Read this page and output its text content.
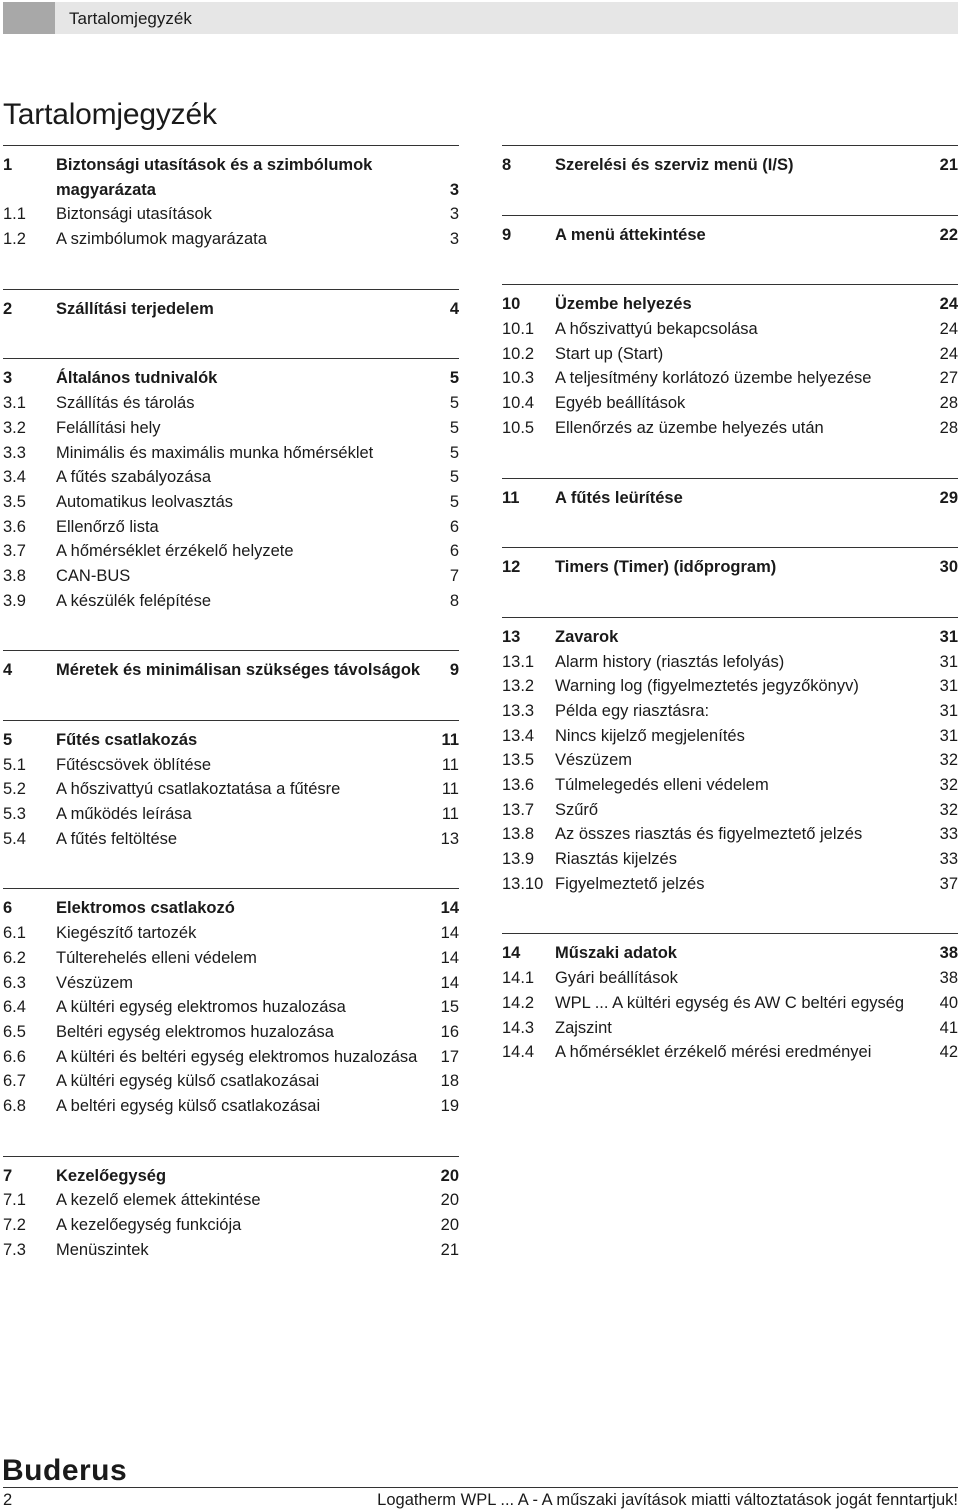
Tartalomjegyzék
Tartalomjegyzék
1	Biztonsági utasítások és a szimbólumok
magyarázata	3
1.1	Biztonsági utasítások	3
1.2	A szimbólumok magyarázata	3
2	Szállítási terjedelem	4
3	Általános tudnivalók	5
3.1	Szállítás és tárolás	5
3.2	Felállítási hely	5
3.3	Minimális és maximális munka hőmérséklet	5
3.4	A fűtés szabályozása	5
3.5	Automatikus leolvasztás	5
3.6	Ellenőrző lista	6
3.7	A hőmérséklet érzékelő helyzete	6
3.8	CAN-BUS	7
3.9	A készülék felépítése	8
4	Méretek és minimálisan szükséges távolságok	9
5	Fűtés csatlakozás	11
5.1	Fűtéscsövek öblítése	11
5.2	A hőszivattyú csatlakoztatása a fűtésre	11
5.3	A működés leírása	11
5.4	A fűtés feltöltése	13
6	Elektromos csatlakozó	14
6.1	Kiegészítő tartozék	14
6.2	Túlterehelés elleni védelem	14
6.3	Vészüzem	14
6.4	A kültéri egység elektromos huzalozása	15
6.5	Beltéri egység elektromos huzalozása	16
6.6	A kültéri és beltéri egység elektromos huzalozása	17
6.7	A kültéri egység külső csatlakozásai	18
6.8	A beltéri egység külső csatlakozásai	19
7	Kezelőegység	20
7.1	A kezelő elemek áttekintése	20
7.2	A kezelőegység funkciója	20
7.3	Menüszintek	21
8	Szerelési és szerviz menü (I/S)	21
9	A menü áttekintése	22
10	Üzembe helyezés	24
10.1	A hőszivattyú bekapcsolása	24
10.2	Start up (Start)	24
10.3	A teljesítmény korlátozó üzembe helyezése	27
10.4	Egyéb beállítások	28
10.5	Ellenőrzés az üzembe helyezés után	28
11	A fűtés leürítése	29
12	Timers (Timer) (időprogram)	30
13	Zavarok	31
13.1	Alarm history (riasztás lefolyás)	31
13.2	Warning log (figyelmeztetés jegyzőkönyv)	31
13.3	Példa egy riasztásra:	31
13.4	Nincs kijelző megjelenítés	31
13.5	Vészüzem	32
13.6	Túlmelegedés elleni védelem	32
13.7	Szűrő	32
13.8	Az összes riasztás és figyelmeztető jelzés	33
13.9	Riasztás kijelzés	33
13.10 Figyelmeztető jelzés	37
14	Műszaki adatok	38
14.1	Gyári beállítások	38
14.2	WPL ... A kültéri egység és AW C beltéri egység	40
14.3	Zajszint	41
14.4	A hőmérséklet érzékelő mérési eredményei	42
Buderus
2	Logatherm WPL ... A - A műszaki javítások miatti változtatások jogát fenntartjuk!
